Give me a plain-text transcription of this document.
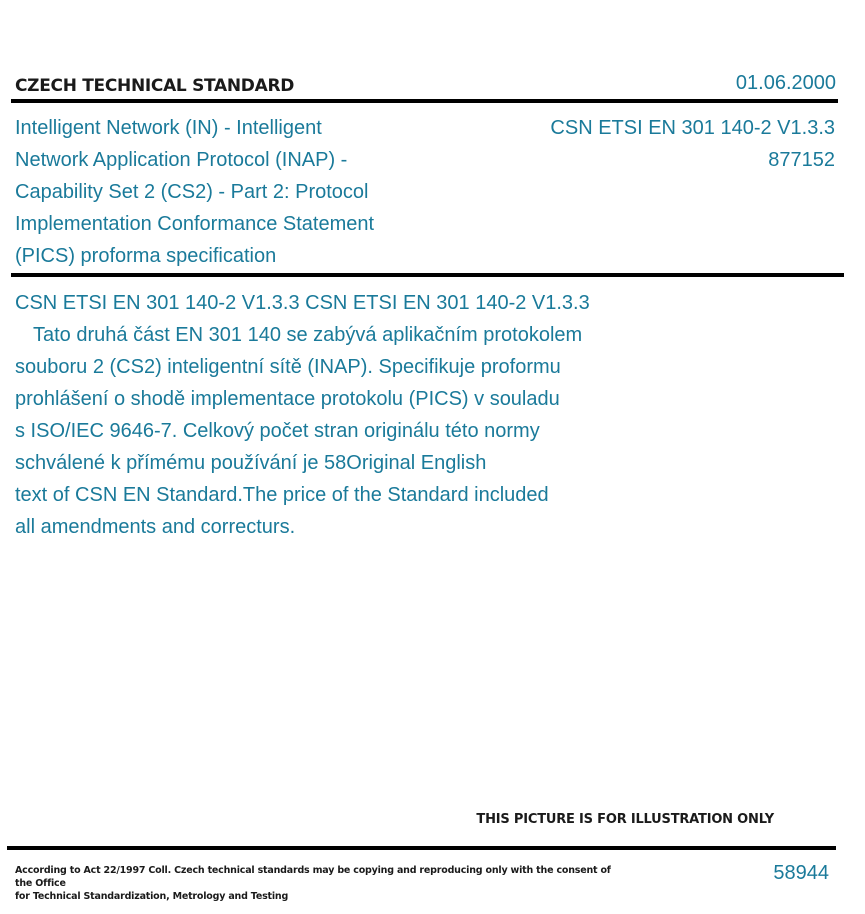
CZECH TECHNICAL STANDARD	01.06.2000
Intelligent Network (IN) - Intelligent
Network Application Protocol (INAP) -
Capability Set 2 (CS2) - Part 2: Protocol
Implementation Conformance Statement
(PICS) proforma specification
CSN ETSI EN 301 140-2 V1.3.3
877152
CSN ETSI EN 301 140-2 V1.3.3 CSN ETSI EN 301 140-2 V1.3.3
Tato druhá část EN 301 140 se zabývá aplikačním protokolem
souboru 2 (CS2) inteligentní sítě (INAP). Specifikuje proformu
prohlášení o shodě implementace protokolu (PICS) v souladu
s ISO/IEC 9646-7. Celkový počet stran originálu této normy
schválené k přímému používání je 58Original English
text of CSN EN Standard.The price of the Standard included
all amendments and correcturs.
THIS PICTURE IS FOR ILLUSTRATION ONLY
According to Act 22/1997 Coll. Czech technical standards may be copying and reproducing only with the consent of the Office
for Technical Standardization, Metrology and Testing
58944
